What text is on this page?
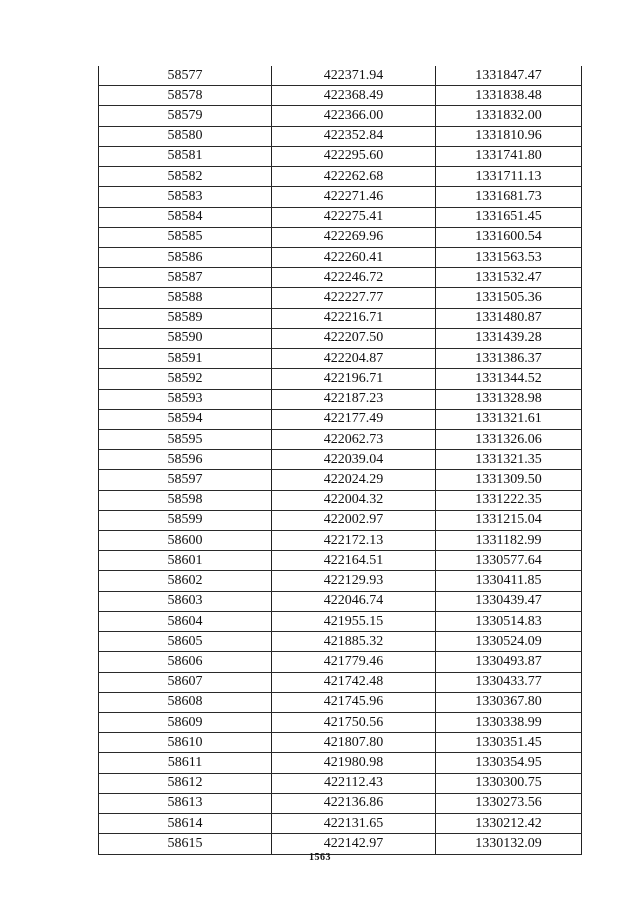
58577	422371.94	1331847.47
58578	422368.49	1331838.48
58579	422366.00	1331832.00
58580	422352.84	1331810.96
58581	422295.60	1331741.80
58582	422262.68	1331711.13
58583	422271.46	1331681.73
58584	422275.41	1331651.45
58585	422269.96	1331600.54
58586	422260.41	1331563.53
58587	422246.72	1331532.47
58588	422227.77	1331505.36
58589	422216.71	1331480.87
58590	422207.50	1331439.28
58591	422204.87	1331386.37
58592	422196.71	1331344.52
58593	422187.23	1331328.98
58594	422177.49	1331321.61
58595	422062.73	1331326.06
58596	422039.04	1331321.35
58597	422024.29	1331309.50
58598	422004.32	1331222.35
58599	422002.97	1331215.04
58600	422172.13	1331182.99
58601	422164.51	1330577.64
58602	422129.93	1330411.85
58603	422046.74	1330439.47
58604	421955.15	1330514.83
58605	421885.32	1330524.09
58606	421779.46	1330493.87
58607	421742.48	1330433.77
58608	421745.96	1330367.80
58609	421750.56	1330338.99
58610	421807.80	1330351.45
58611	421980.98	1330354.95
58612	422112.43	1330300.75
58613	422136.86	1330273.56
58614	422131.65	1330212.42
58615	422142.97	1330132.09
1563
